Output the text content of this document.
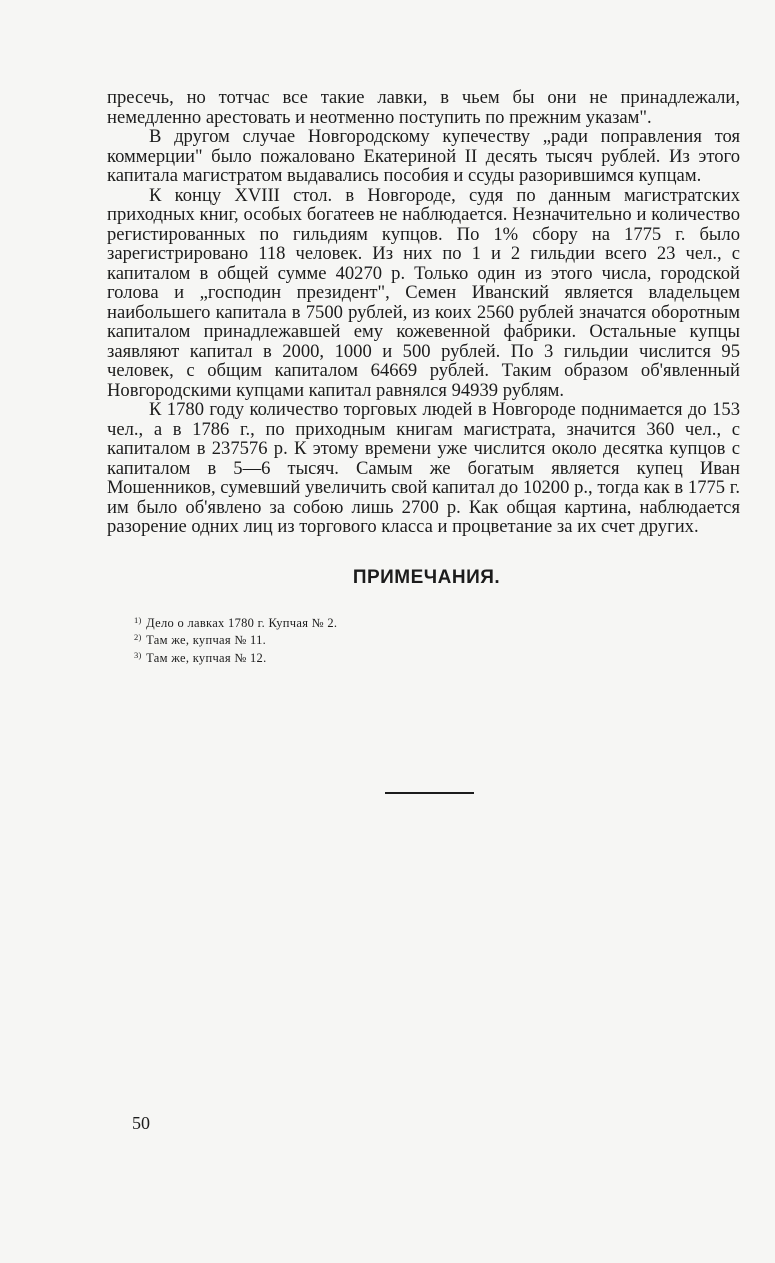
пресечь, но тотчас все такие лавки, в чьем бы они не принадлежали, немедленно арестовать и неотменно поступить по прежним указам".

В другом случае Новгородскому купечеству „ради поправления тоя коммерции" было пожаловано Екатериной II десять тысяч рублей. Из этого капитала магистратом выдавались пособия и ссуды разорившимся купцам.

К концу XVIII стол. в Новгороде, судя по данным магистратских приходных книг, особых богатеев не наблюдается. Незначительно и количество регистированных по гильдиям купцов. По 1% сбору на 1775 г. было зарегистрировано 118 человек. Из них по 1 и 2 гильдии всего 23 чел., с капиталом в общей сумме 40270 р. Только один из этого числа, городской голова и „господин президент", Семен Иванский является владельцем наибольшего капитала в 7500 рублей, из коих 2560 рублей значатся оборотным капиталом принадлежавшей ему кожевенной фабрики. Остальные купцы заявляют капитал в 2000, 1000 и 500 рублей. По 3 гильдии числится 95 человек, с общим капиталом 64669 рублей. Таким образом об'явленный Новгородскими купцами капитал равнялся 94939 рублям.

К 1780 году количество торговых людей в Новгороде поднимается до 153 чел., а в 1786 г., по приходным книгам магистрата, значится 360 чел., с капиталом в 237576 р. К этому времени уже числится около десятка купцов с капиталом в 5—6 тысяч. Самым же богатым является купец Иван Мошенников, сумевший увеличить свой капитал до 10200 р., тогда как в 1775 г. им было об'явлено за собою лишь 2700 р. Как общая картина, наблюдается разорение одних лиц из торгового класса и процветание за их счет других.

ПРИМЕЧАНИЯ.
$^{1)}$ Дело о лавках 1780 г. Купчая № 2.
$^{2)}$ Там же, купчая № 11.
$^{3)}$ Там же, купчая № 12.
50
